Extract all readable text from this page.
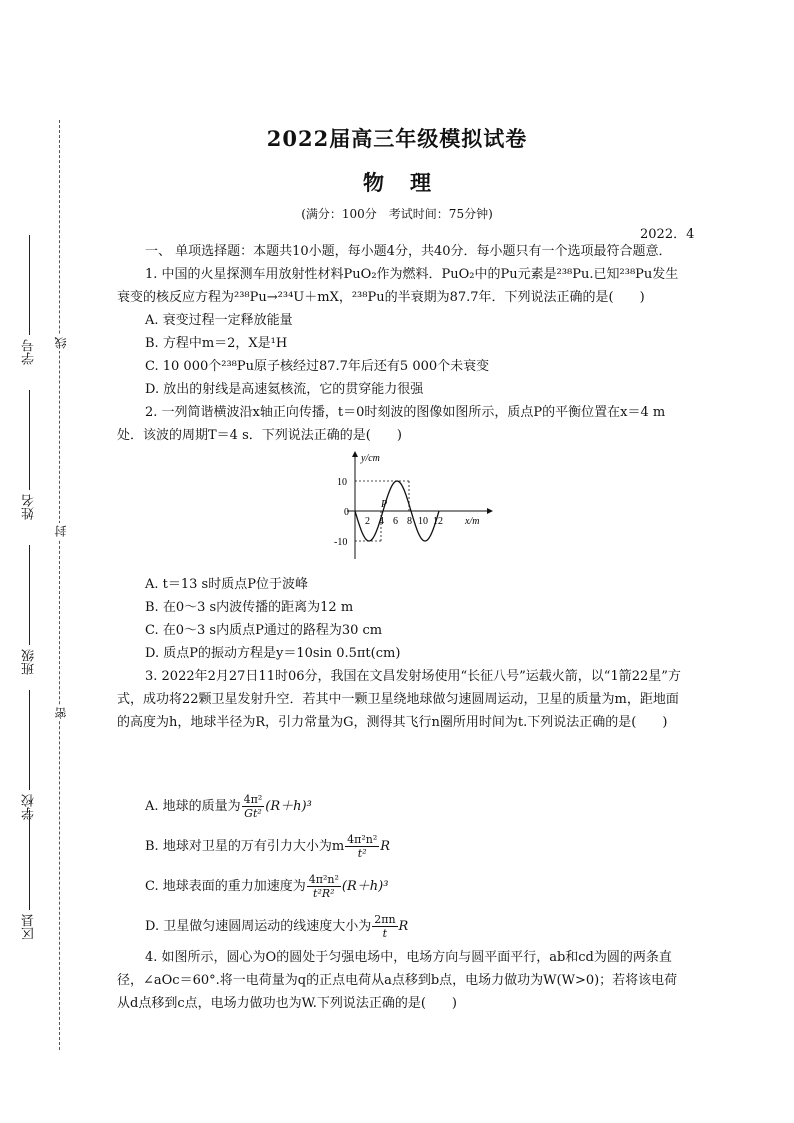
线
封
密
学号
姓名
班级
学校
区县
2022届高三年级模拟试卷
物理
(满分：100分　考试时间：75分钟)
2022．4

一、 单项选择题：本题共10小题，每小题4分，共40分．每小题只有一个选项最符合题意．

1. 中国的火星探测车用放射性材料PuO₂作为燃料．PuO₂中的Pu元素是²³⁸Pu.已知²³⁸Pu发生衰变的核反应方程为²³⁸Pu→²³⁴U＋mX，²³⁸Pu的半衰期为87.7年．下列说法正确的是(　　)

A. 衰变过程一定释放能量

B. 方程中m＝2，X是¹H

C. 10 000个²³⁸Pu原子核经过87.7年后还有5 000个未衰变

D. 放出的射线是高速氦核流，它的贯穿能力很强

2. 一列简谐横波沿x轴正向传播，t＝0时刻波的图像如图所示，质点P的平衡位置在x＝4 m处．该波的周期T＝4 s．下列说法正确的是(　　)

y/cm
10
0
-10
2 4 6 8 10 12 x/m
P

A. t＝13 s时质点P位于波峰

B. 在0～3 s内波传播的距离为12 m

C. 在0～3 s内质点P通过的路程为30 cm

D. 质点P的振动方程是y＝10sin 0.5πt(cm)

3. 2022年2月27日11时06分，我国在文昌发射场使用“长征八号”运载火箭，以“1箭22星”方式，成功将22颗卫星发射升空．若其中一颗卫星绕地球做匀速圆周运动，卫星的质量为m，距地面的高度为h，地球半径为R，引力常量为G，测得其飞行n圈所用时间为t.下列说法正确的是(　　)

A. 地球的质量为 $\frac{\text{4π²}}{\text{Gt²}} (R+h)^3$
B. 地球对卫星的万有引力大小为m $\frac{\text{4π²n²}}{\text{t²}}$ R
C. 地球表面的重力加速度为 $\frac{\text{4π²n²}}{\text{t²R²}} (R+h)^3$
D. 卫星做匀速圆周运动的线速度大小为 $\frac{2\pi n}{t}$ R

4. 如图所示，圆心为O的圆处于匀强电场中，电场方向与圆平面平行，ab和cd为圆的两条直径，∠aOc＝60°.将一电荷量为q的正点电荷从a点移到b点，电场力做功为W(W>0)；若将该电荷从d点移到c点，电场力做功也为W.下列说法正确的是(　　)
